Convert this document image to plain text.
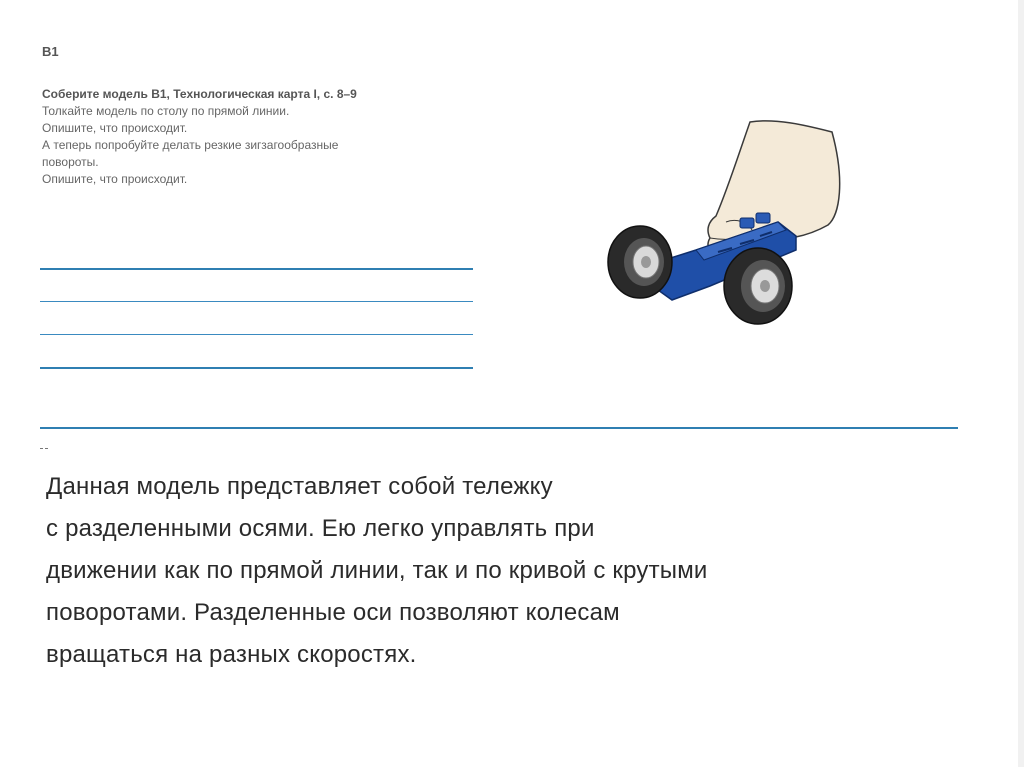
B1
Соберите модель B1, Технологическая карта I, с. 8–9
Толкайте модель по столу по прямой линии.
Опишите, что происходит.
А теперь попробуйте делать резкие зигзагообразные
повороты.
Опишите, что происходит.
Данная модель представляет собой тележку
с разделенными осями. Ею легко управлять при
движении как по прямой линии, так и по кривой с крутыми
поворотами. Разделенные оси позволяют колесам
вращаться на разных скоростях.
